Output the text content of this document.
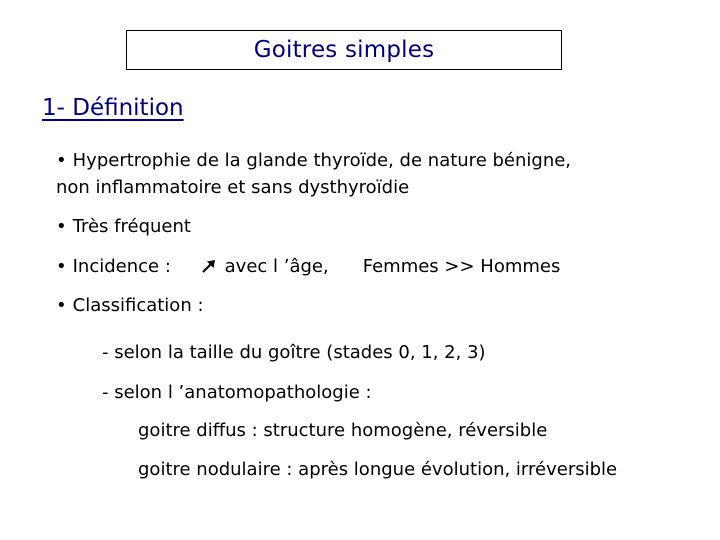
Goitres simples
1- Définition
• Hypertrophie de la glande thyroïde, de nature bénigne,
non inflammatoire et sans dysthyroïdie
• Très fréquent
• Incidence :	avec l ’âge, Femmes >> Hommes
• Classification :
- selon la taille du goître (stades 0, 1, 2, 3)
- selon l ’anatomopathologie :
goitre diffus : structure homogène, réversible
goitre nodulaire : après longue évolution, irréversible
